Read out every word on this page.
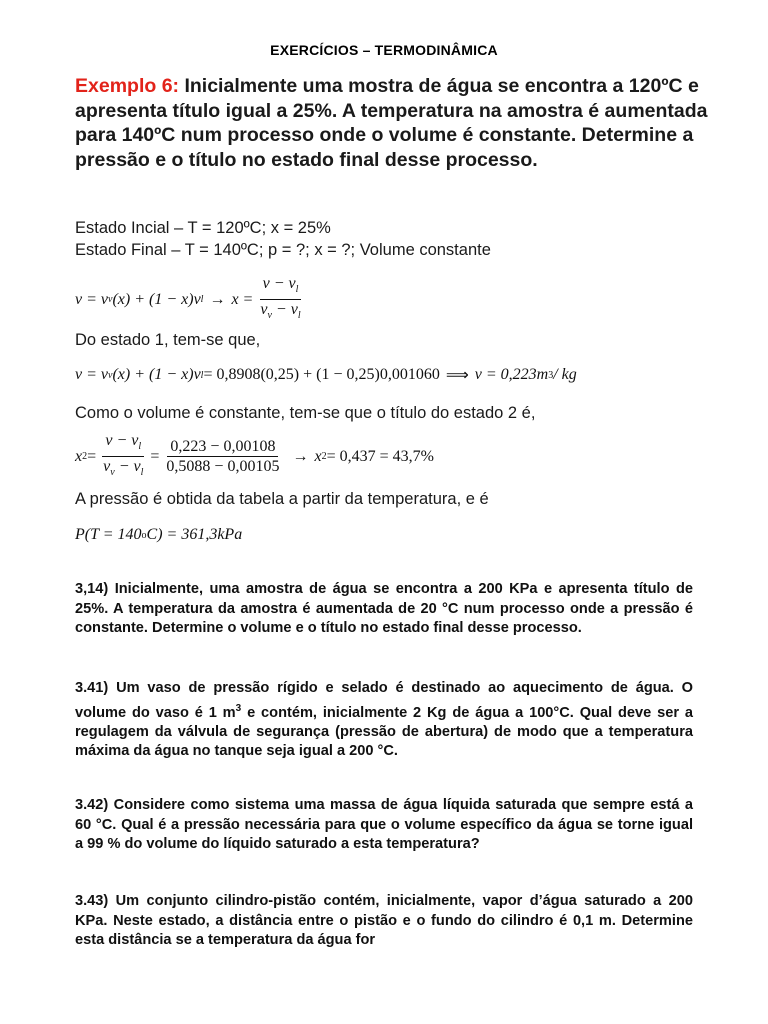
EXERCÍCIOS – TERMODINÂMICA
Exemplo 6: Inicialmente uma mostra de água se encontra a 120ºC e apresenta título igual a 25%. A temperatura na amostra é aumentada para 140ºC num processo onde o volume é constante. Determine a pressão e o título no estado final desse processo.
Estado Incial – T = 120ºC; x = 25%
Estado Final – T = 140ºC; p = ?; x = ?; Volume constante
v = v v (x) + (1 − x)v $l \to x = \frac{v - v_l}{v_v - v_l}$
Do estado 1, tem-se que,
v = v v (x) + (1 − x)v l = 0,8908(0,25) + (1 − 0,25)0,001060 ⟹ v = 0,223m 3 / kg
Como o volume é constante, tem-se que o título do estado 2 é,
x $2 = \frac{v - v_l}{v_v - v_l} = \frac{0,223 - 0,00108}{0,5088 - 0,00105} \to x$ 2 = 0,437 = 43,7%
A pressão é obtida da tabela a partir da temperatura, e é
P(T = 140 o C) = 361,3kPa
3,14) Inicialmente, uma amostra de água se encontra a 200 KPa e apresenta título de 25%. A temperatura da amostra é aumentada de 20 °C num processo onde a pressão é constante. Determine o volume e o título no estado final desse processo.
3.41) Um vaso de pressão rígido e selado é destinado ao aquecimento de água. O volume do vaso é 1 $m^3$ e contém, inicialmente 2 Kg de água a 100°C. Qual deve ser a regulagem da válvula de segurança (pressão de abertura) de modo que a temperatura máxima da água no tanque seja igual a 200 °C.
3.42) Considere como sistema uma massa de água líquida saturada que sempre está a 60 °C. Qual é a pressão necessária para que o volume específico da água se torne igual a 99 % do volume do líquido saturado a esta temperatura?
3.43) Um conjunto cilindro-pistão contém, inicialmente, vapor d’água saturado a 200 KPa. Neste estado, a distância entre o pistão e o fundo do cilindro é 0,1 m. Determine esta distância se a temperatura da água for
